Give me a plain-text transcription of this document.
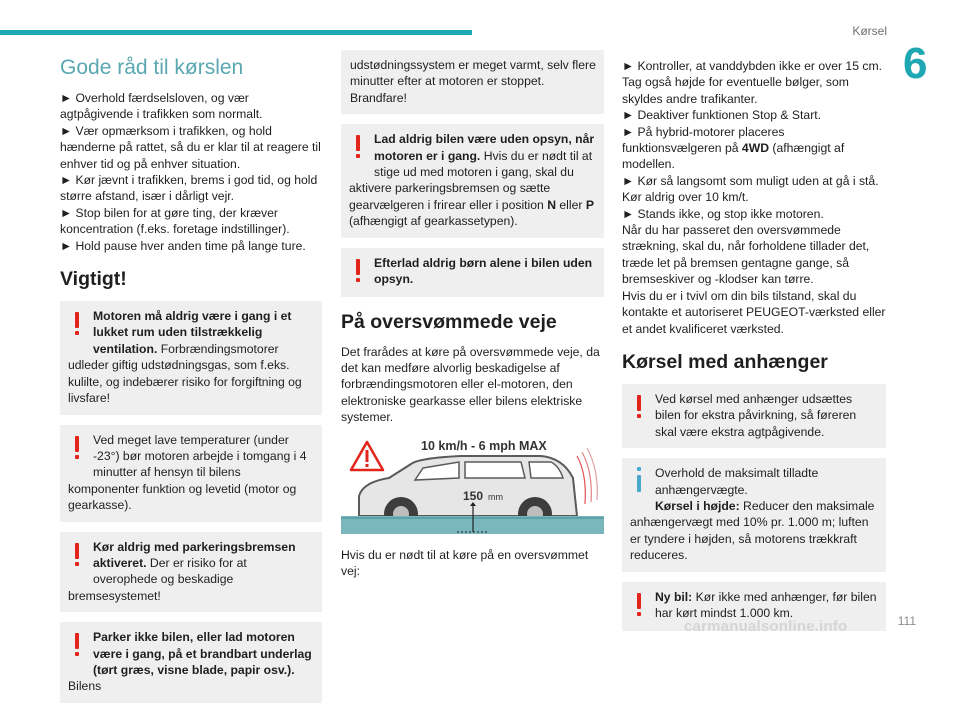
Kørsel
6
Gode råd til kørslen

► Overhold færdselsloven, og vær agtpågivende i trafikken som normalt.

► Vær opmærksom i trafikken, og hold hænderne på rattet, så du er klar til at reagere til enhver tid og på enhver situation.

► Kør jævnt i trafikken, brems i god tid, og hold større afstand, især i dårligt vejr.

► Stop bilen for at gøre ting, der kræver koncentration (f.eks. foretage indstillinger).

► Hold pause hver anden time på lange ture.

Vigtigt!

Motoren må aldrig være i gang i et lukket rum uden tilstrækkelig ventilation. Forbrændingsmotorer udleder giftig udstødningsgas, som f.eks. kulilte, og indebærer risiko for forgiftning og livsfare!

Ved meget lave temperaturer (under -23°) bør motoren arbejde i tomgang i 4 minutter af hensyn til bilens komponenter funktion og levetid (motor og gearkasse).

Kør aldrig med parkeringsbremsen aktiveret. Der er risiko for at overophede og beskadige bremsesystemet!

Parker ikke bilen, eller lad motoren være i gang, på et brandbart underlag (tørt græs, visne blade, papir osv.). Bilens

udstødningssystem er meget varmt, selv flere minutter efter at motoren er stoppet. Brandfare!

Lad aldrig bilen være uden opsyn, når motoren er i gang. Hvis du er nødt til at stige ud med motoren i gang, skal du aktivere parkeringsbremsen og sætte gearvælgeren i friгear eller i position N eller P (afhængigt af gearkassetypen).

Efterlad aldrig børn alene i bilen uden opsyn.

På oversvømmede veje

Det frarådes at køre på oversvømmede veje, da det kan medføre alvorlig beskadigelse af forbrændingsmotoren eller el-motoren, den elektroniske gearkasse eller bilens elektriske systemer.

10 km/h - 6 mph MAX
150 mm

Hvis du er nødt til at køre på en oversvømmet vej:

► Kontroller, at vanddybden ikke er over 15 cm. Tag også højde for eventuelle bølger, som skyldes andre trafikanter.

► Deaktiver funktionen Stop & Start.

► På hybrid-motorer placeres funktionsvælgeren på 4WD (afhængigt af modellen.

► Kør så langsomt som muligt uden at gå i stå. Kør aldrig over 10 km/t.

► Stands ikke, og stop ikke motoren.

Når du har passeret den oversvømmede strækning, skal du, når forholdene tillader det, træde let på bremsen gentagne gange, så bremseskiver og -klodser kan tørre.

Hvis du er i tvivl om din bils tilstand, skal du kontakte et autoriseret PEUGEOT-værksted eller et andet kvalificeret værksted.

Kørsel med anhænger

Ved kørsel med anhænger udsættes bilen for ekstra påvirkning, så føreren skal være ekstra agtpågivende.

Overhold de maksimalt tilladte anhængervægte.

Kørsel i højde: Reducer den maksimale anhængervægt med 10% pr. 1.000 m; luften er tyndere i højden, så motorens trækkraft reduceres.

Ny bil: Kør ikke med anhænger, før bilen har kørt mindst 1.000 km.

carmanualsonline.info	111
